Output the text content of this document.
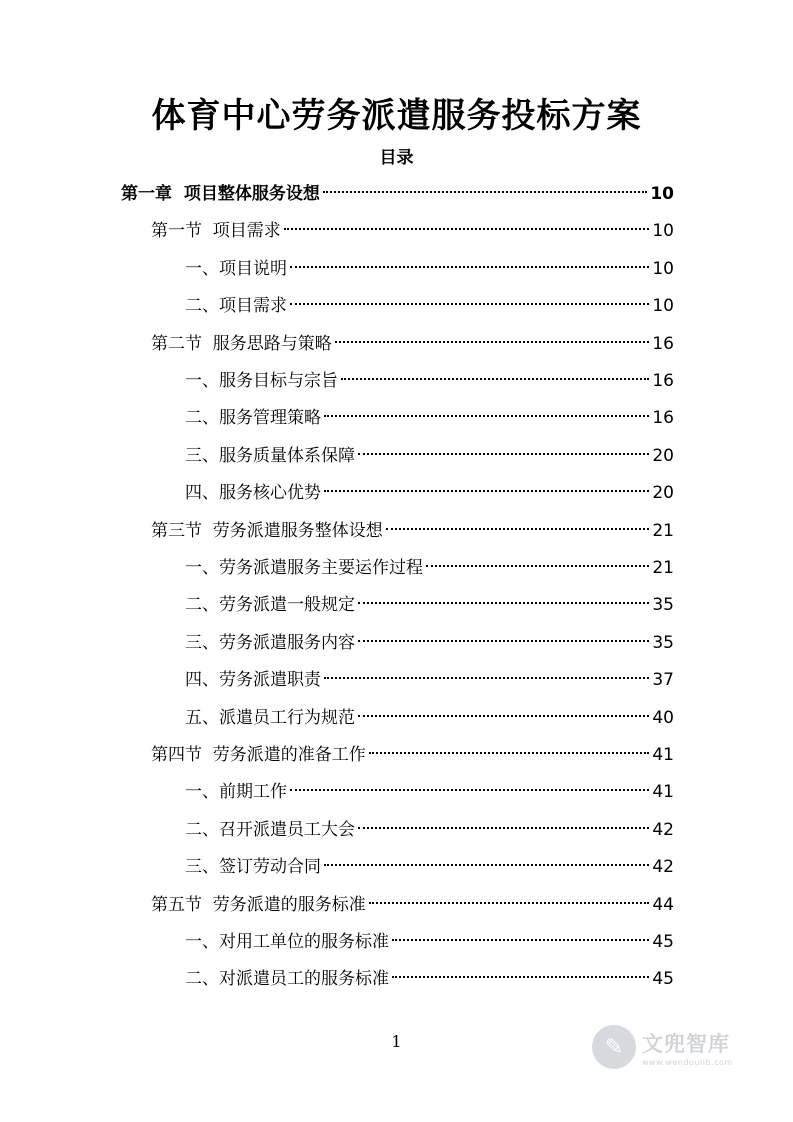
体育中心劳务派遣服务投标方案
目录
第一章  项目整体服务设想	10
第一节  项目需求	10
一、项目说明	10
二、项目需求	10
第二节  服务思路与策略	16
一、服务目标与宗旨	16
二、服务管理策略	16
三、服务质量体系保障	20
四、服务核心优势	20
第三节  劳务派遣服务整体设想	21
一、劳务派遣服务主要运作过程	21
二、劳务派遣一般规定	35
三、劳务派遣服务内容	35
四、劳务派遣职责	37
五、派遣员工行为规范	40
第四节  劳务派遣的准备工作	41
一、前期工作	41
二、召开派遣员工大会	42
三、签订劳动合同	42
第五节  劳务派遣的服务标准	44
一、对用工单位的服务标准	45
二、对派遣员工的服务标准	45
1	✎ 文兜智库
www.wendoulib.com
